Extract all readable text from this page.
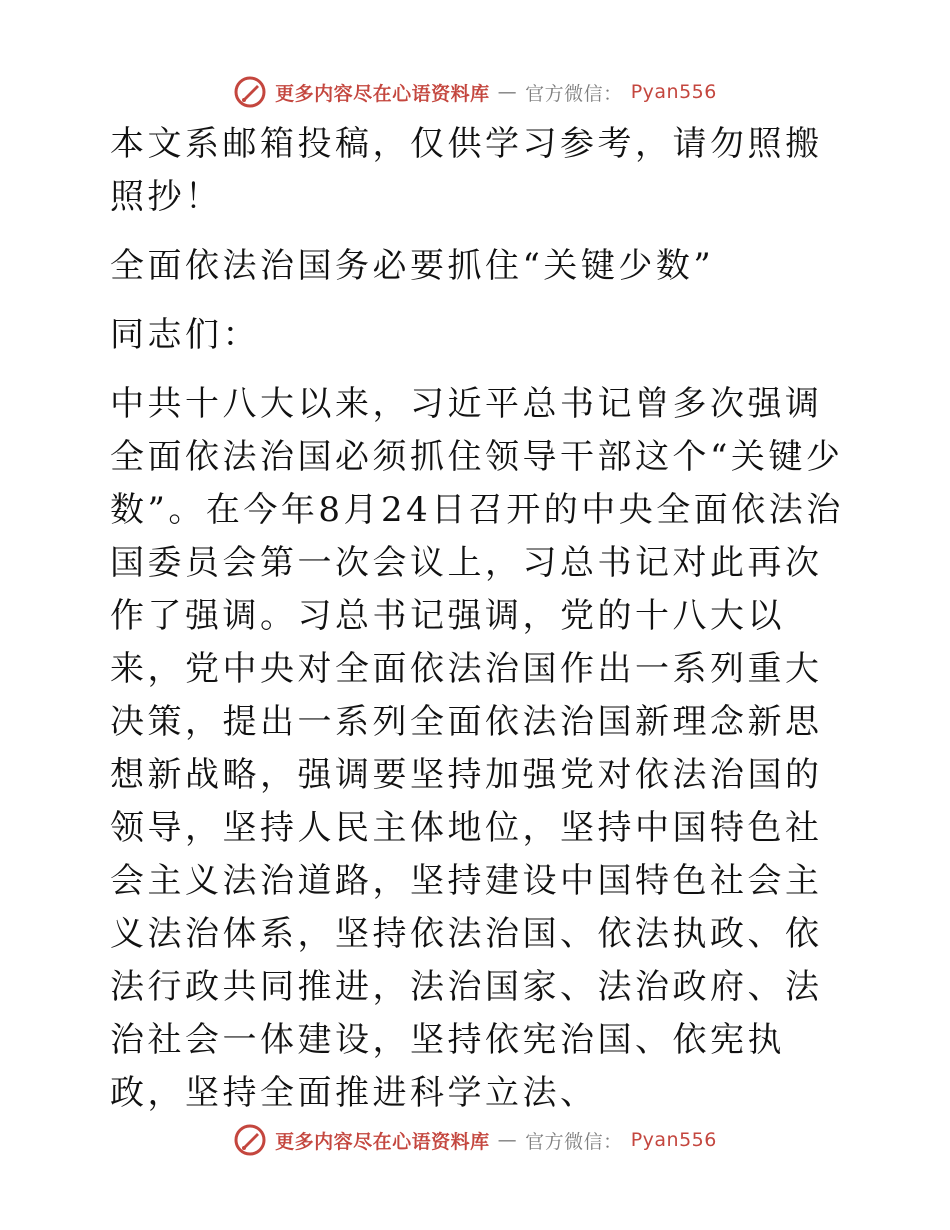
更多内容尽在心语资料库 — 官方微信： Pyan556

本文系邮箱投稿，仅供学习参考，请勿照搬照抄！

全面依法治国务必要抓住“关键少数”

同志们：

中共十八大以来，习近平总书记曾多次强调全面依法治国必须抓住领导干部这个“关键少数”。在今年8月24日召开的中央全面依法治国委员会第一次会议上，习总书记对此再次作了强调。习总书记强调，党的十八大以来，党中央对全面依法治国作出一系列重大决策，提出一系列全面依法治国新理念新思想新战略，强调要坚持加强党对依法治国的领导，坚持人民主体地位，坚持中国特色社会主义法治道路，坚持建设中国特色社会主义法治体系，坚持依法治国、依法执政、依法行政共同推进，法治国家、法治政府、法治社会一体建设，坚持依宪治国、依宪执政，坚持全面推进科学立法、

更多内容尽在心语资料库 — 官方微信： Pyan556
